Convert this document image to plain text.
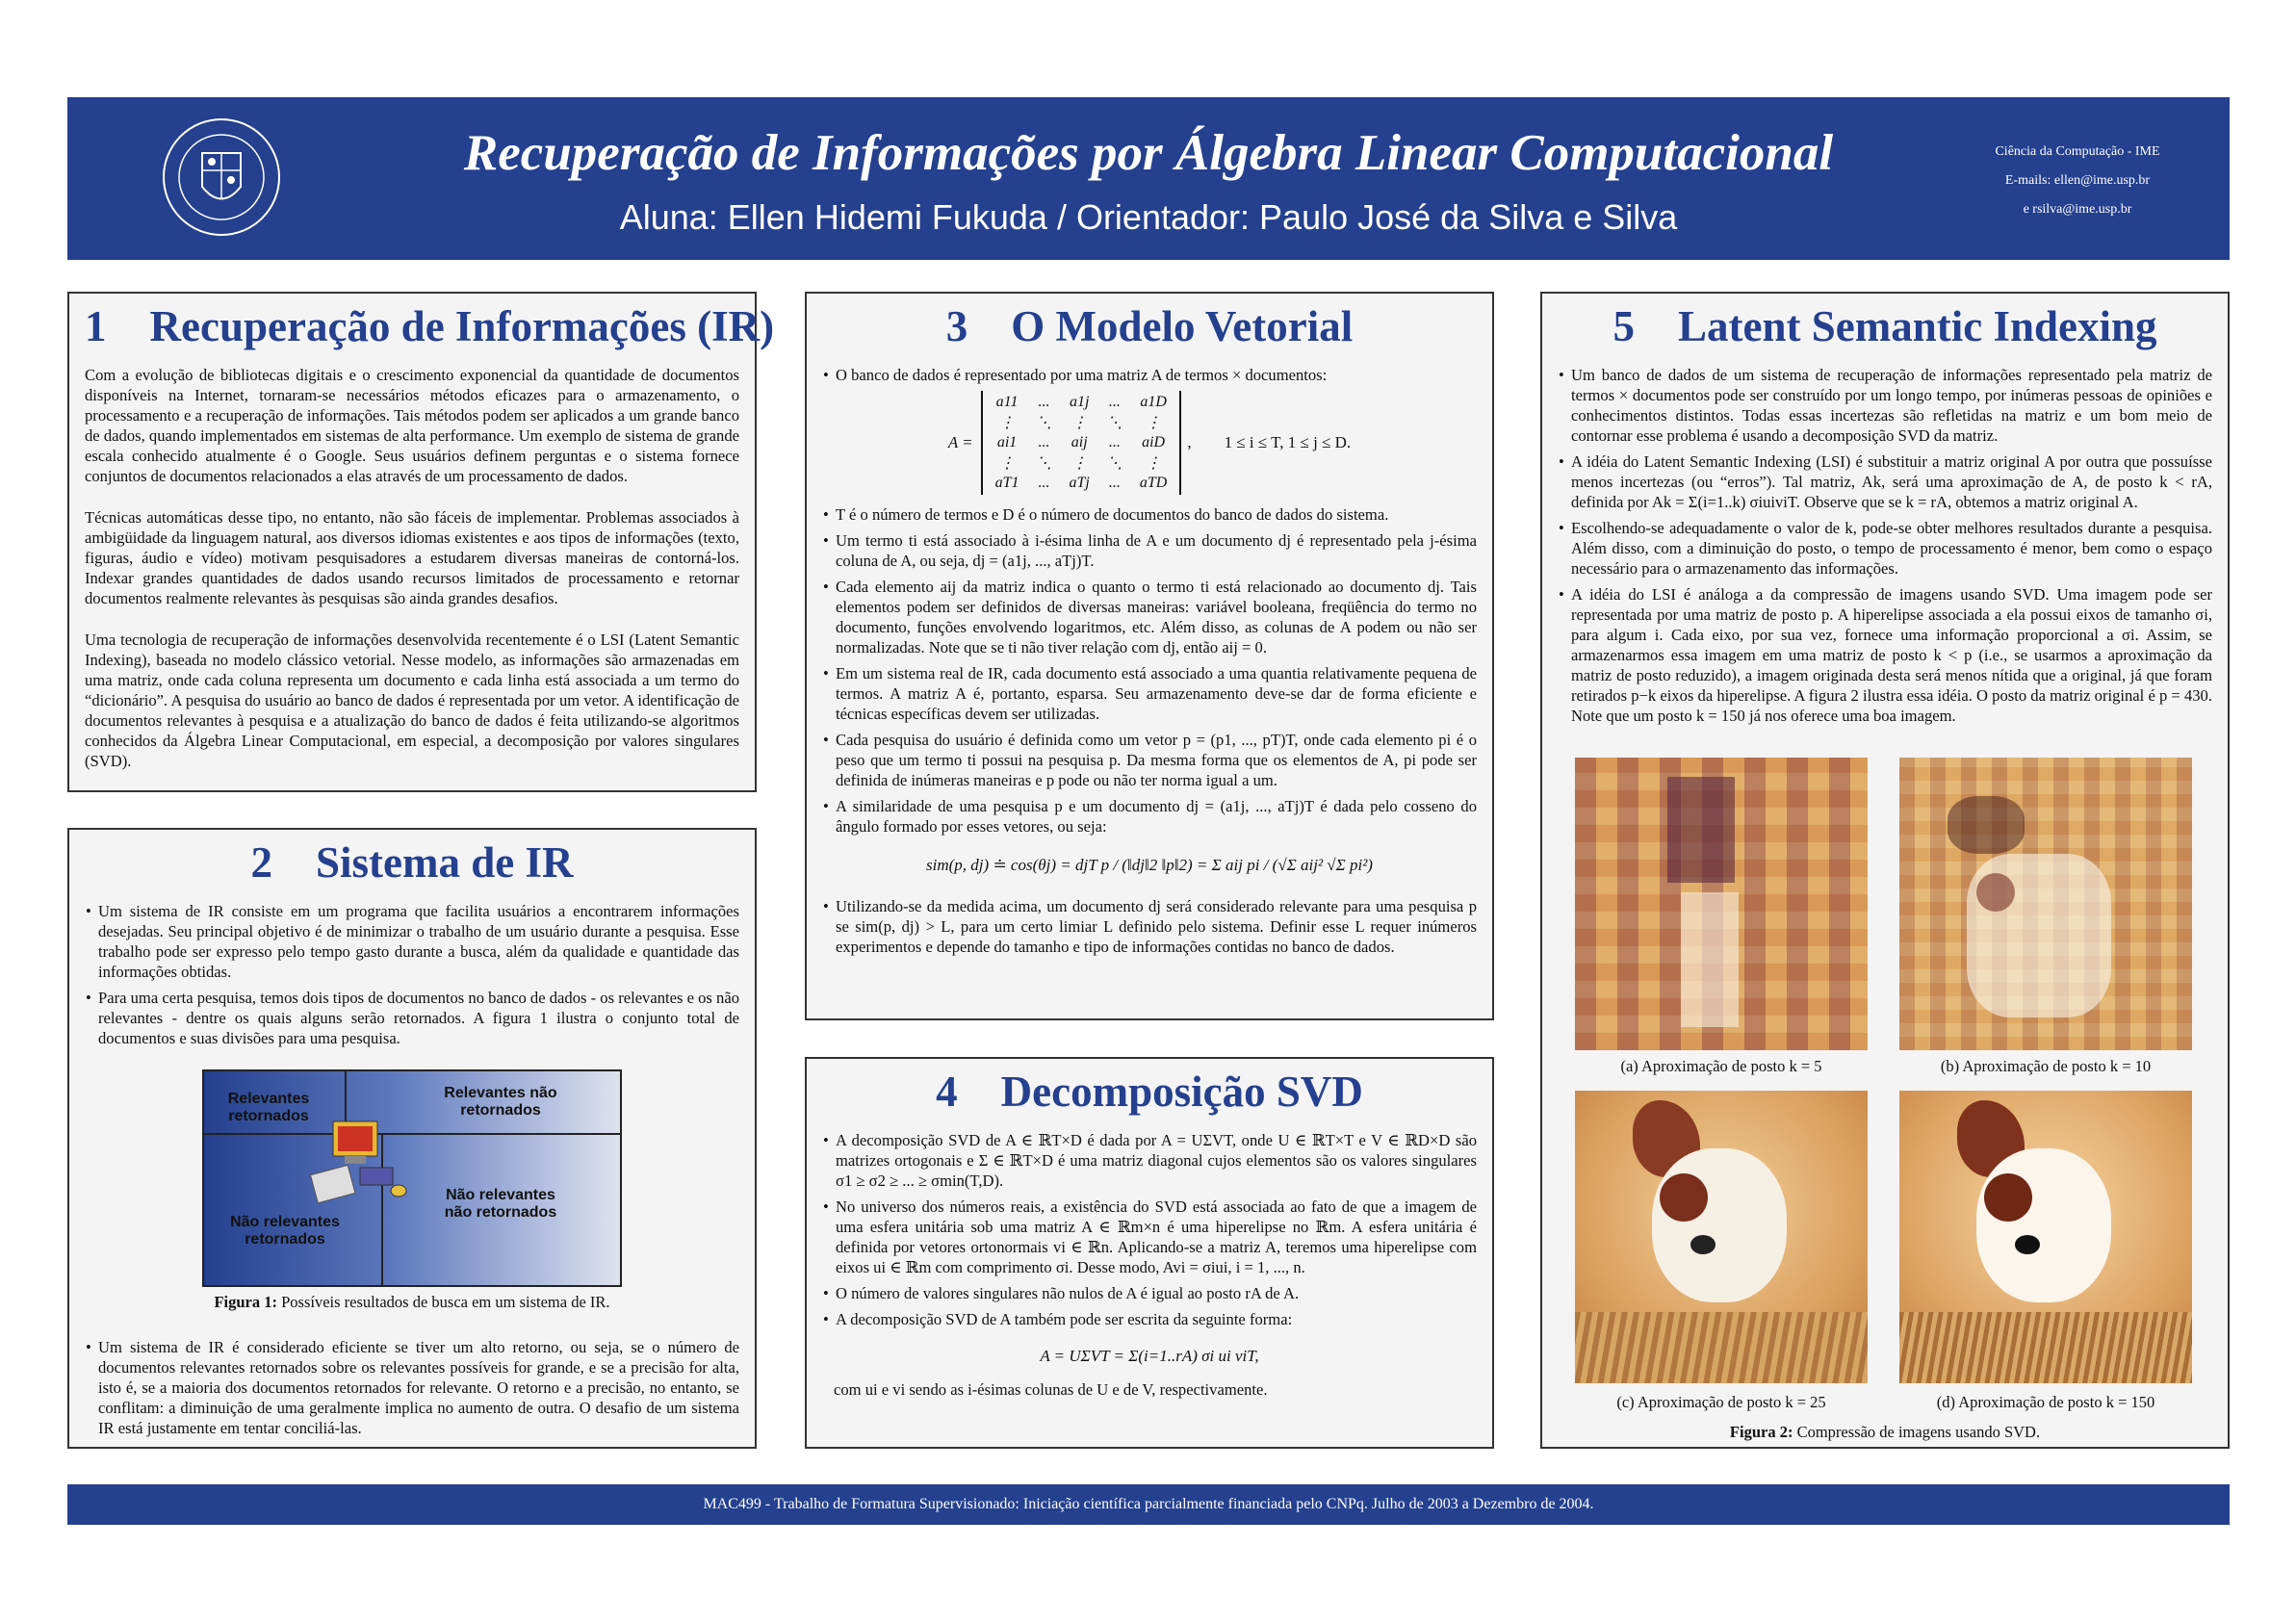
Recuperação de Informações por Álgebra Linear Computacional
Aluna: Ellen Hidemi Fukuda / Orientador: Paulo José da Silva e Silva
Ciência da Computação - IME
E-mails: ellen@ime.usp.br
e rsilva@ime.usp.br
1    Recuperação de Informações (IR)

Com a evolução de bibliotecas digitais e o crescimento exponencial da quantidade de documentos disponíveis na Internet, tornaram-se necessários métodos eficazes para o armazenamento, o processamento e a recuperação de informações. Tais métodos podem ser aplicados a um grande banco de dados, quando implementados em sistemas de alta performance. Um exemplo de sistema de grande escala conhecido atualmente é o Google. Seus usuários definem perguntas e o sistema fornece conjuntos de documentos relacionados a elas através de um processamento de dados.

Técnicas automáticas desse tipo, no entanto, não são fáceis de implementar. Problemas associados à ambigüidade da linguagem natural, aos diversos idiomas existentes e aos tipos de informações (texto, figuras, áudio e vídeo) motivam pesquisadores a estudarem diversas maneiras de contorná-los. Indexar grandes quantidades de dados usando recursos limitados de processamento e retornar documentos realmente relevantes às pesquisas são ainda grandes desafios.

Uma tecnologia de recuperação de informações desenvolvida recentemente é o LSI (Latent Semantic Indexing), baseada no modelo clássico vetorial. Nesse modelo, as informações são armazenadas em uma matriz, onde cada coluna representa um documento e cada linha está associada a um termo do “dicionário”. A pesquisa do usuário ao banco de dados é representada por um vetor. A identificação de documentos relevantes à pesquisa e a atualização do banco de dados é feita utilizando-se algoritmos conhecidos da Álgebra Linear Computacional, em especial, a decomposição por valores singulares (SVD).

2    Sistema de IR
• Um sistema de IR consiste em um programa que facilita usuários a encontrarem informações desejadas. Seu principal objetivo é de minimizar o trabalho de um usuário durante a pesquisa. Esse trabalho pode ser expresso pelo tempo gasto durante a busca, além da qualidade e quantidade das informações obtidas.
• Para uma certa pesquisa, temos dois tipos de documentos no banco de dados - os relevantes e os não relevantes - dentre os quais alguns serão retornados. A figura 1 ilustra o conjunto total de documentos e suas divisões para uma pesquisa.
Relevantes retornados
Relevantes não retornados
Não relevantes retornados
Não relevantes não retornados
Figura 1: Possíveis resultados de busca em um sistema de IR.
• Um sistema de IR é considerado eficiente se tiver um alto retorno, ou seja, se o número de documentos relevantes retornados sobre os relevantes possíveis for grande, e se a precisão for alta, isto é, se a maioria dos documentos retornados for relevante. O retorno e a precisão, no entanto, se conflitam: a diminuição de uma geralmente implica no aumento de outra. O desafio de um sistema IR está justamente em tentar conciliá-las.
3    O Modelo Vetorial
• O banco de dados é representado por uma matriz A de termos × documentos:
A =
a11	...	a1j	...	a1D
⋮	⋱	⋮	⋱	⋮
ai1	...	aij	...	aiD
⋮	⋱	⋮	⋱	⋮
aT1	...	aTj	...	aTD
,        1 ≤ i ≤ T, 1 ≤ j ≤ D.
• T é o número de termos e D é o número de documentos do banco de dados do sistema.
• Um termo ti está associado à i-ésima linha de A e um documento dj é representado pela j-ésima coluna de A, ou seja, dj = (a1j, ..., aTj)T.
• Cada elemento aij da matriz indica o quanto o termo ti está relacionado ao documento dj. Tais elementos podem ser definidos de diversas maneiras: variável booleana, freqüência do termo no documento, funções envolvendo logaritmos, etc. Além disso, as colunas de A podem ou não ser normalizadas. Note que se ti não tiver relação com dj, então aij = 0.
• Em um sistema real de IR, cada documento está associado a uma quantia relativamente pequena de termos. A matriz A é, portanto, esparsa. Seu armazenamento deve-se dar de forma eficiente e técnicas específicas devem ser utilizadas.
• Cada pesquisa do usuário é definida como um vetor p = (p1, ..., pT)T, onde cada elemento pi é o peso que um termo ti possui na pesquisa p. Da mesma forma que os elementos de A, pi pode ser definida de inúmeras maneiras e p pode ou não ter norma igual a um.
• A similaridade de uma pesquisa p e um documento dj = (a1j, ..., aTj)T é dada pelo cosseno do ângulo formado por esses vetores, ou seja:
sim(p, dj) ≐ cos(θj) = djT p / (‖dj‖2 ‖p‖2) = Σ aij pi / (√Σ aij² √Σ pi²)
• Utilizando-se da medida acima, um documento dj será considerado relevante para uma pesquisa p se sim(p, dj) > L, para um certo limiar L definido pelo sistema. Definir esse L requer inúmeros experimentos e depende do tamanho e tipo de informações contidas no banco de dados.
4    Decomposição SVD
• A decomposição SVD de A ∈ ℝT×D é dada por A = UΣVT, onde U ∈ ℝT×T e V ∈ ℝD×D são matrizes ortogonais e Σ ∈ ℝT×D é uma matriz diagonal cujos elementos são os valores singulares σ1 ≥ σ2 ≥ ... ≥ σmin(T,D).
• No universo dos números reais, a existência do SVD está associada ao fato de que a imagem de uma esfera unitária sob uma matriz A ∈ ℝm×n é uma hiperelipse no ℝm. A esfera unitária é definida por vetores ortonormais vi ∈ ℝn. Aplicando-se a matriz A, teremos uma hiperelipse com eixos ui ∈ ℝm com comprimento σi. Desse modo, Avi = σiui, i = 1, ..., n.
• O número de valores singulares não nulos de A é igual ao posto rA de A.
• A decomposição SVD de A também pode ser escrita da seguinte forma:
A = UΣVT = Σ(i=1..rA) σi ui viT,

com ui e vi sendo as i-ésimas colunas de U e de V, respectivamente.

5    Latent Semantic Indexing
• Um banco de dados de um sistema de recuperação de informações representado pela matriz de termos × documentos pode ser construído por um longo tempo, por inúmeras pessoas de opiniões e conhecimentos distintos. Todas essas incertezas são refletidas na matriz e um bom meio de contornar esse problema é usando a decomposição SVD da matriz.
• A idéia do Latent Semantic Indexing (LSI) é substituir a matriz original A por outra que possuísse menos incertezas (ou “erros”). Tal matriz, Ak, será uma aproximação de A, de posto k < rA, definida por Ak = Σ(i=1..k) σiuiviT. Observe que se k = rA, obtemos a matriz original A.
• Escolhendo-se adequadamente o valor de k, pode-se obter melhores resultados durante a pesquisa. Além disso, com a diminuição do posto, o tempo de processamento é menor, bem como o espaço necessário para o armazenamento das informações.
• A idéia do LSI é análoga a da compressão de imagens usando SVD. Uma imagem pode ser representada por uma matriz de posto p. A hiperelipse associada a ela possui eixos de tamanho σi, para algum i. Cada eixo, por sua vez, fornece uma informação proporcional a σi. Assim, se armazenarmos essa imagem em uma matriz de posto k < p (i.e., se usarmos a aproximação da matriz de posto reduzido), a imagem originada desta será menos nítida que a original, já que foram retirados p−k eixos da hiperelipse. A figura 2 ilustra essa idéia. O posto da matriz original é p = 430. Note que um posto k = 150 já nos oferece uma boa imagem.
(a) Aproximação de posto k = 5	(b) Aproximação de posto k = 10
(c) Aproximação de posto k = 25	(d) Aproximação de posto k = 150
Figura 2: Compressão de imagens usando SVD.
MAC499 - Trabalho de Formatura Supervisionado: Iniciação científica parcialmente financiada pelo CNPq. Julho de 2003 a Dezembro de 2004.
